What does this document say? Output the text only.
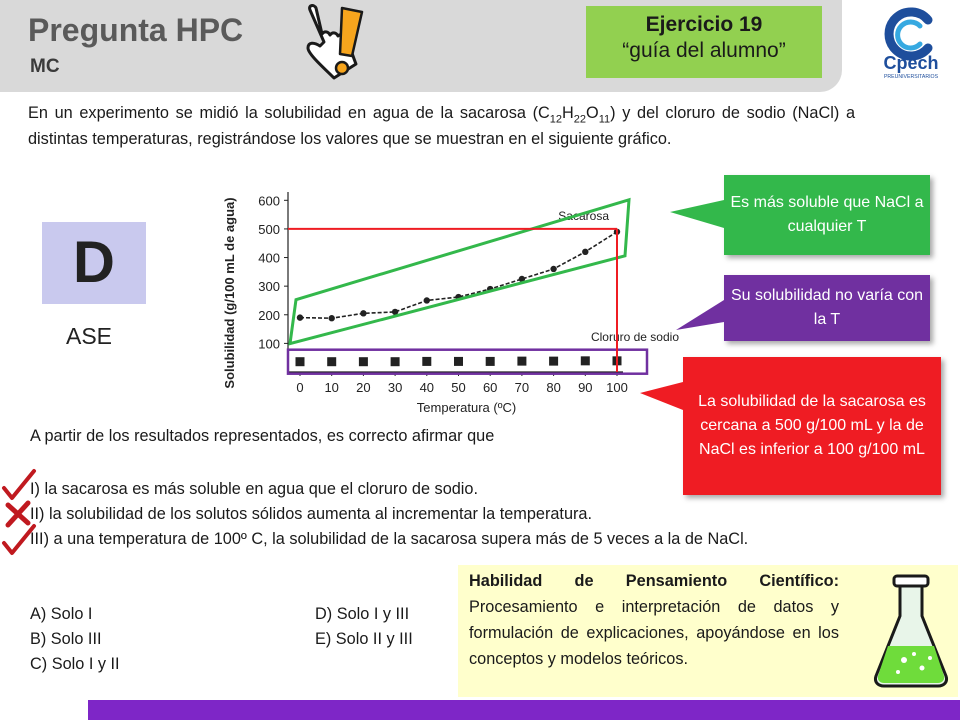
Pregunta HPC
MC
Ejercicio 19
“guía del alumno”
Cpech
PREUNIVERSITARIOS
En un experimento se midió la solubilidad en agua de la sacarosa $(C_{12}H_{22}O_{11})$ y del cloruro de sodio (NaCl) a distintas temperaturas, registrándose los valores que se muestran en el siguiente gráfico.
D
ASE	100
200
300
400
500
600
0 10 20 30 40 50 60 70 80 90 100
Temperatura (ºC)
Solubilidad (g/100 mL de agua)	Sacarosa
Cloruro de sodio
Es más soluble que NaCl a cualquier T
Su solubilidad no varía con la T
La solubilidad de la sacarosa es cercana a 500 g/100 mL y la de NaCl es inferior a 100 g/100 mL
A partir de los resultados representados, es correcto afirmar que
I) la sacarosa es más soluble en agua que el cloruro de sodio.
II) la solubilidad de los solutos sólidos aumenta al incrementar la temperatura.
III) a una temperatura de 100º C, la solubilidad de la sacarosa supera más de 5 veces a la de NaCl.
A) Solo I
B) Solo III
C) Solo I y II
D) Solo I y III
E) Solo II y III
Habilidad de Pensamiento Científico: Procesamiento e interpretación de datos y formulación de explicaciones, apoyándose en los conceptos y modelos teóricos.
